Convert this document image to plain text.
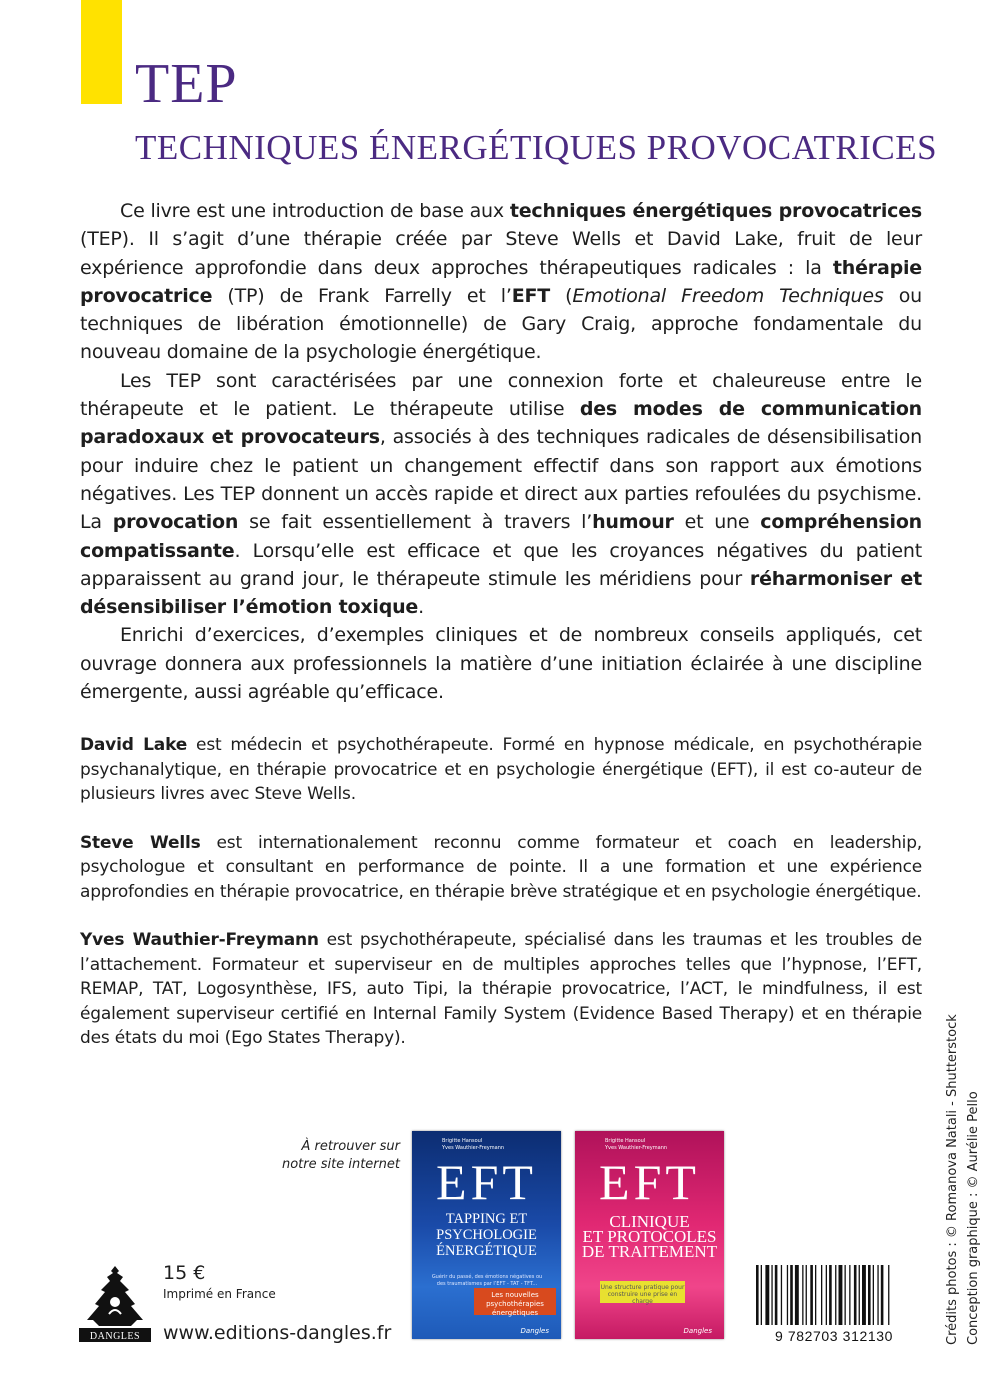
TEP
TECHNIQUES ÉNERGÉTIQUES PROVOCATRICES

Ce livre est une introduction de base aux techniques énergétiques provocatrices (TEP). Il s’agit d’une thérapie créée par Steve Wells et David Lake, fruit de leur expérience approfondie dans deux approches thérapeutiques radicales : la thérapie provocatrice (TP) de Frank Farrelly et l’EFT (Emotional Freedom Techniques ou techniques de libération émotionnelle) de Gary Craig, approche fondamentale du nouveau domaine de la psychologie énergétique.

Les TEP sont caractérisées par une connexion forte et chaleureuse entre le thérapeute et le patient. Le thérapeute utilise des modes de communication paradoxaux et provocateurs, associés à des techniques radicales de désensibilisation pour induire chez le patient un changement effectif dans son rapport aux émotions négatives. Les TEP donnent un accès rapide et direct aux parties refoulées du psychisme. La provocation se fait essentiellement à travers l’humour et une compréhension compatissante. Lorsqu’elle est efficace et que les croyances négatives du patient apparaissent au grand jour, le thérapeute stimule les méridiens pour réharmoniser et désensibiliser l’émotion toxique.

Enrichi d’exercices, d’exemples cliniques et de nombreux conseils appliqués, cet ouvrage donnera aux professionnels la matière d’une initiation éclairée à une discipline émergente, aussi agréable qu’efficace.

David Lake est médecin et psychothérapeute. Formé en hypnose médicale, en psychothérapie psychanalytique, en thérapie provocatrice et en psychologie énergétique (EFT), il est co-auteur de plusieurs livres avec Steve Wells.

Steve Wells est internationalement reconnu comme formateur et coach en leadership, psychologue et consultant en performance de pointe. Il a une formation et une expérience approfondies en thérapie provocatrice, en thérapie brève stratégique et en psychologie énergétique.

Yves Wauthier-Freymann est psychothérapeute, spécialisé dans les traumas et les troubles de l’attachement. Formateur et superviseur en de multiples approches telles que l’hypnose, l’EFT, REMAP, TAT, Logosynthèse, IFS, auto Tipi, la thérapie provocatrice, l’ACT, le mindfulness, il est également superviseur certifié en Internal Family System (Evidence Based Therapy) et en thérapie des états du moi (Ego States Therapy).

À retrouver sur
notre site internet
Brigitte Hansoul
Yves Wauthier-Freymann
EFT
TAPPING ET
PSYCHOLOGIE
ÉNERGÉTIQUE
Guérir du passé, des émotions négatives ou des traumatismes par l’EFT - TAT - TFT...
Les nouvelles psychothérapies énergétiques
Dangles
Brigitte Hansoul
Yves Wauthier-Freymann
EFT
CLINIQUE
ET PROTOCOLES
DE TRAITEMENT
Une structure pratique pour construire une prise en charge
Dangles
DANGLES
15 €
Imprimé en France
www.editions-dangles.fr	9 782703 312130	Crédits photos : © Romanova Natali - Shutterstock Conception graphique : © Aurélie Pello
